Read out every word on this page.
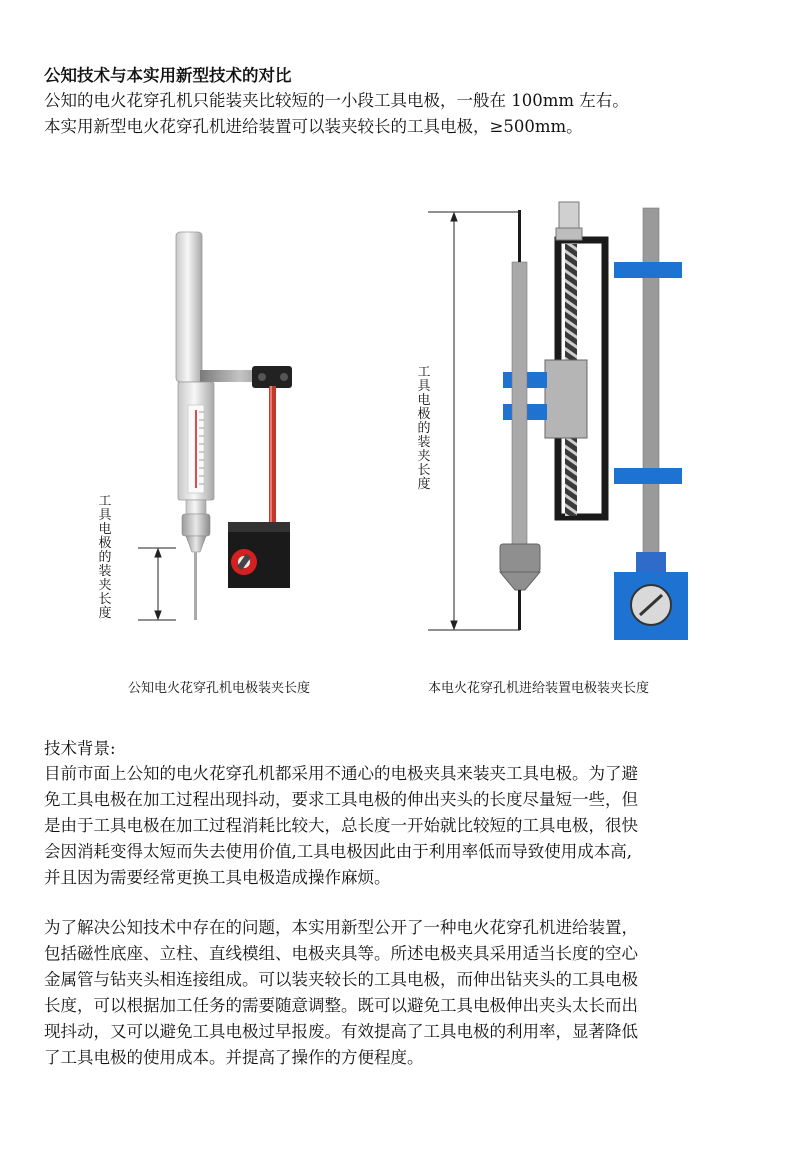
公知技术与本实用新型技术的对比
公知的电火花穿孔机只能装夹比较短的一小段工具电极，一般在 100mm 左右。
本实用新型电火花穿孔机进给装置可以装夹较长的工具电极，≥500mm。
工
具
电
极
的
装
夹
长
度
工
具
电
极
的
装
夹
长
度
公知电火花穿孔机电极装夹长度	本电火花穿孔机进给装置电极装夹长度
技术背景:
目前市面上公知的电火花穿孔机都采用不通心的电极夹具来装夹工具电极。为了避
免工具电极在加工过程出现抖动，要求工具电极的伸出夹头的长度尽量短一些，但
是由于工具电极在加工过程消耗比较大，总长度一开始就比较短的工具电极，很快
会因消耗变得太短而失去使用价值,工具电极因此由于利用率低而导致使用成本高,
并且因为需要经常更换工具电极造成操作麻烦。
为了解决公知技术中存在的问题，本实用新型公开了一种电火花穿孔机进给装置，
包括磁性底座、立柱、直线模组、电极夹具等。所述电极夹具采用适当长度的空心
金属管与钻夹头相连接组成。可以装夹较长的工具电极，而伸出钻夹头的工具电极
长度，可以根据加工任务的需要随意调整。既可以避免工具电极伸出夹头太长而出
现抖动，又可以避免工具电极过早报废。有效提高了工具电极的利用率，显著降低
了工具电极的使用成本。并提高了操作的方便程度。
